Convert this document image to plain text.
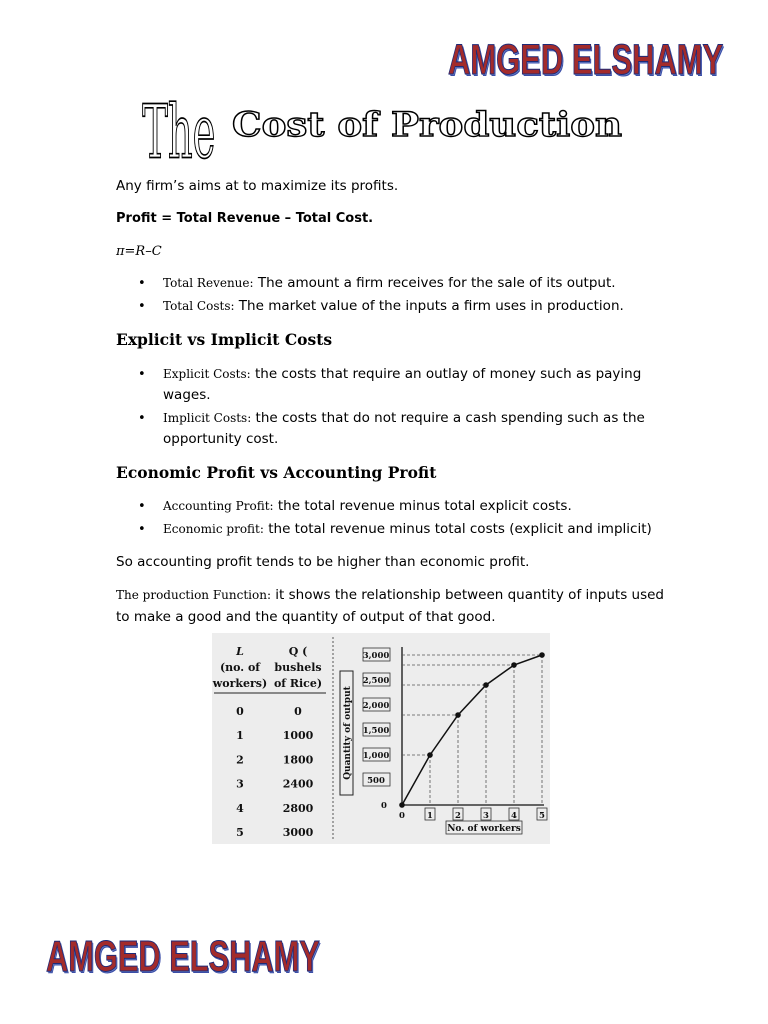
AMGED ELSHAMY
The Cost of Production
Any firm’s aims at to maximize its profits.
Profit = Total Revenue – Total Cost.
π=R–C
• Total Revenue: The amount a firm receives for the sale of its output.
• Total Costs: The market value of the inputs a firm uses in production.
Explicit vs Implicit Costs
• Explicit Costs: the costs that require an outlay of money such as paying wages.
• Implicit Costs: the costs that do not require a cash spending such as the opportunity cost.
Economic Profit vs Accounting Profit
• Accounting Profit: the total revenue minus total explicit costs.
• Economic profit: the total revenue minus total costs (explicit and implicit)
So accounting profit tends to be higher than economic profit.
The production Function: it shows the relationship between quantity of inputs used
to make a good and the quantity of output of that good.
L
(no. of
workers)
Q (
bushels
of Rice)
0	0
1	1000
2	1800
3	2400
4	2800
5	3000
Quantity of output
0
500
1,000
1,500
2,000
2,500
3,000
0	1	2	3	4	5
No. of workers
AMGED ELSHAMY
